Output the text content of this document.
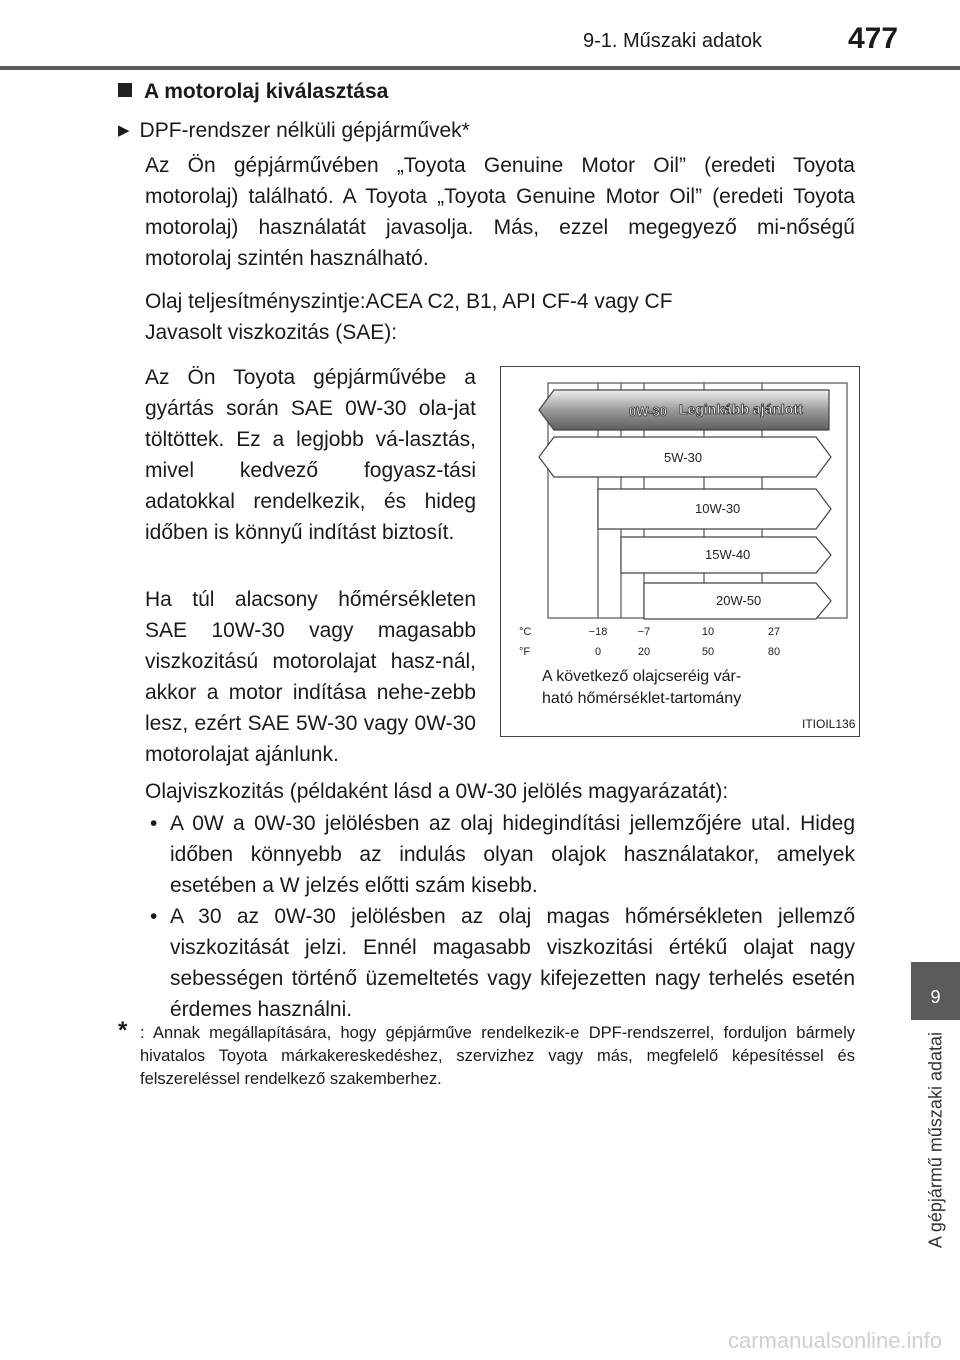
9-1. Műszaki adatok	477
9
A gépjármű műszaki adatai
A motorolaj kiválasztása
▶ DPF-rendszer nélküli gépjárművek*
Az Ön gépjárművében „Toyota Genuine Motor Oil” (eredeti Toyota motorolaj) található. A Toyota „Toyota Genuine Motor Oil” (eredeti Toyota motorolaj) használatát javasolja. Más, ezzel megegyező mi-nőségű motorolaj szintén használható.
Olaj teljesítményszintje:ACEA C2, B1, API CF-4 vagy CF
Javasolt viszkozitás (SAE):
Az Ön Toyota gépjárművébe a gyártás során SAE 0W-30 ola-jat töltöttek. Ez a legjobb vá-lasztás, mivel kedvező fogyasz-tási adatokkal rendelkezik, és hideg időben is könnyű indítást biztosít.
Ha túl alacsony hőmérsékleten SAE 10W-30 vagy magasabb viszkozitású motorolajat hasz-nál, akkor a motor indítása nehe-zebb lesz, ezért SAE 5W-30 vagy 0W-30 motorolajat ajánlunk.
Olajviszkozitás (példaként lásd a 0W-30 jelölés magyarázatát):
• A 0W a 0W-30 jelölésben az olaj hidegindítási jellemzőjére utal. Hideg időben könnyebb az indulás olyan olajok használatakor, amelyek esetében a W jelzés előtti szám kisebb.
• A 30 az 0W-30 jelölésben az olaj magas hőmérsékleten jellemző viszkozitását jelzi. Ennél magasabb viszkozitási értékű olajat nagy sebességen történő üzemeltetés vagy kifejezetten nagy terhelés esetén érdemes használni.
* : Annak megállapítására, hogy gépjárműve rendelkezik-e DPF-rendszerrel, forduljon bármely hivatalos Toyota márkakereskedéshez, szervizhez vagy más, megfelelő képesítéssel és felszereléssel rendelkező szakemberhez.
0W-30 Leginkább ajánlott
5W-30
10W-30
15W-40
20W-50
°C
°F
−18	−7	10	27
0	20	50	80
A következő olajcseréig vár-
ható hőmérséklet-tartomány
ITIOIL136
carmanualsonline.info
